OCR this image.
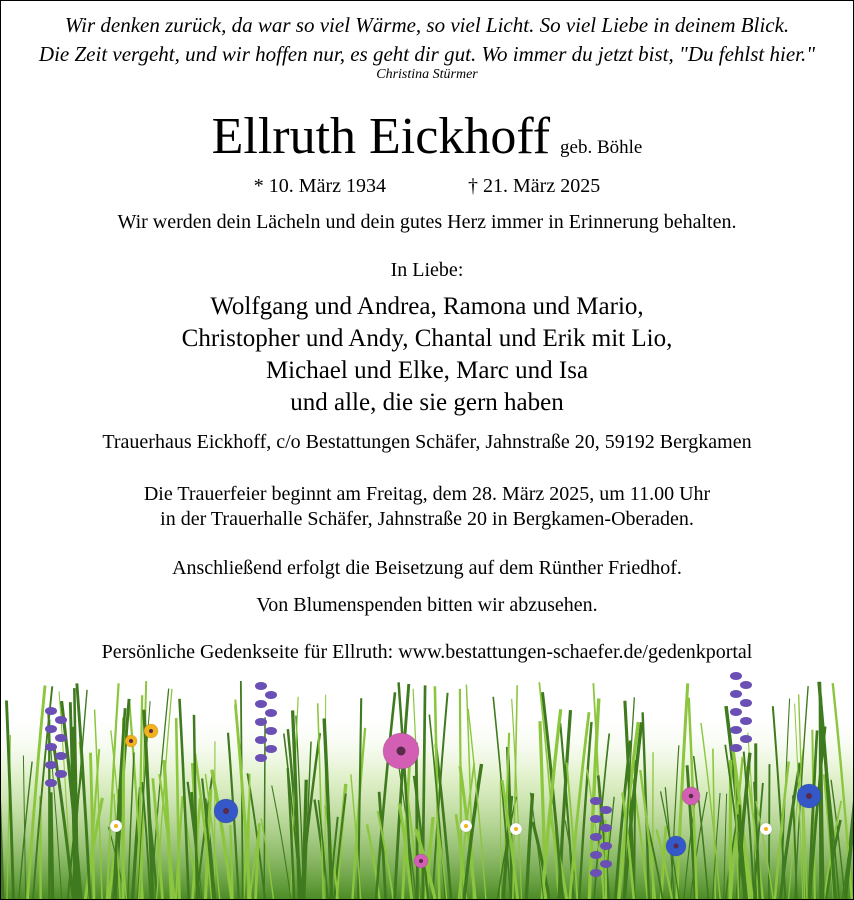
Wir denken zurück, da war so viel Wärme, so viel Licht. So viel Liebe in deinem Blick.
Die Zeit vergeht, und wir hoffen nur, es geht dir gut. Wo immer du jetzt bist, "Du fehlst hier."
Christina Stürmer
Ellruth Eickhoff geb. Böhle
* 10. März 1934	† 21. März 2025
Wir werden dein Lächeln und dein gutes Herz immer in Erinnerung behalten.
In Liebe:
Wolfgang und Andrea, Ramona und Mario,
Christopher und Andy, Chantal und Erik mit Lio,
Michael und Elke, Marc und Isa
und alle, die sie gern haben
Trauerhaus Eickhoff, c/o Bestattungen Schäfer, Jahnstraße 20, 59192 Bergkamen
Die Trauerfeier beginnt am Freitag, dem 28. März 2025, um 11.00 Uhr
in der Trauerhalle Schäfer, Jahnstraße 20 in Bergkamen-Oberaden.
Anschließend erfolgt die Beisetzung auf dem Rünther Friedhof.
Von Blumenspenden bitten wir abzusehen.
Persönliche Gedenkseite für Ellruth: www.bestattungen-schaefer.de/gedenkportal
